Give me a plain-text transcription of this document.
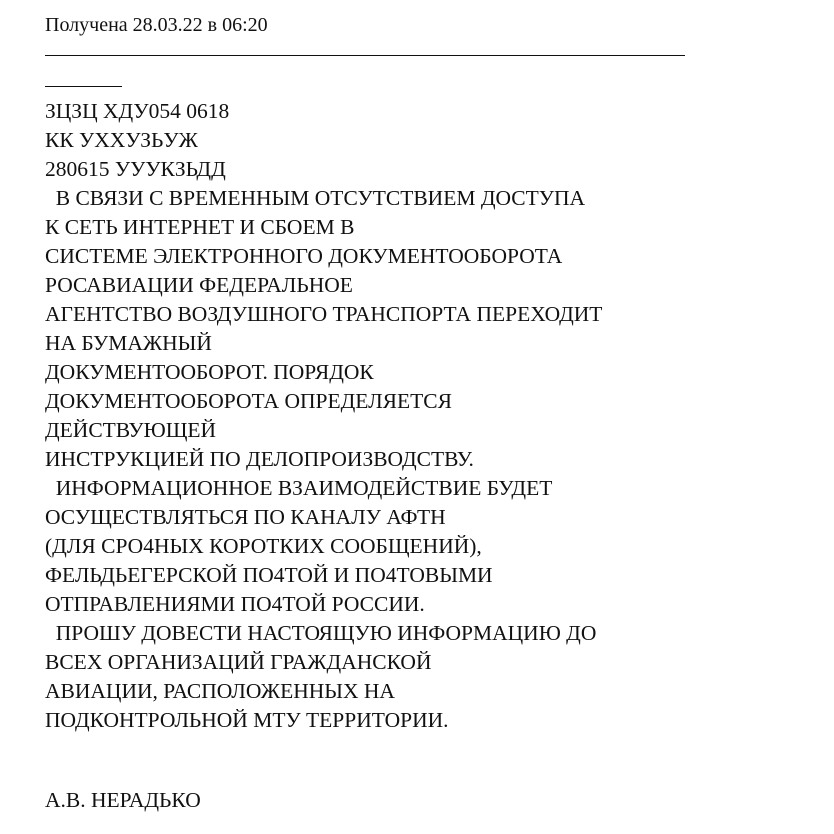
Получена 28.03.22 в 06:20
ЗЦЗЦ ХДУ054 0618
КК УХХУЗЬУЖ
280615 УУУКЗЬДД
В СВЯЗИ С ВРЕМЕННЫМ ОТСУТСТВИЕМ ДОСТУПА
К СЕТЬ ИНТЕРНЕТ И СБОЕМ В
СИСТЕМЕ ЭЛЕКТРОННОГО ДОКУМЕНТООБОРОТА
РОСАВИАЦИИ ФЕДЕРАЛЬНОЕ
АГЕНТСТВО ВОЗДУШНОГО ТРАНСПОРТА ПЕРЕХОДИТ
НА БУМАЖНЫЙ
ДОКУМЕНТООБОРОТ. ПОРЯДОК
ДОКУМЕНТООБОРОТА ОПРЕДЕЛЯЕТСЯ
ДЕЙСТВУЮЩЕЙ
ИНСТРУКЦИЕЙ ПО ДЕЛОПРОИЗВОДСТВУ.
ИНФОРМАЦИОННОЕ ВЗАИМОДЕЙСТВИЕ БУДЕТ
ОСУЩЕСТВЛЯТЬСЯ ПО КАНАЛУ АФТН
(ДЛЯ СРО4НЫХ КОРОТКИХ СООБЩЕНИЙ),
ФЕЛЬДЬЕГЕРСКОЙ ПО4ТОЙ И ПО4ТОВЫМИ
ОТПРАВЛЕНИЯМИ ПО4ТОЙ РОССИИ.
ПРОШУ ДОВЕСТИ НАСТОЯЩУЮ ИНФОРМАЦИЮ ДО
ВСЕХ ОРГАНИЗАЦИЙ ГРАЖДАНСКОЙ
АВИАЦИИ, РАСПОЛОЖЕННЫХ НА
ПОДКОНТРОЛЬНОЙ МТУ ТЕРРИТОРИИ.
А.В. НЕРАДЬКО
